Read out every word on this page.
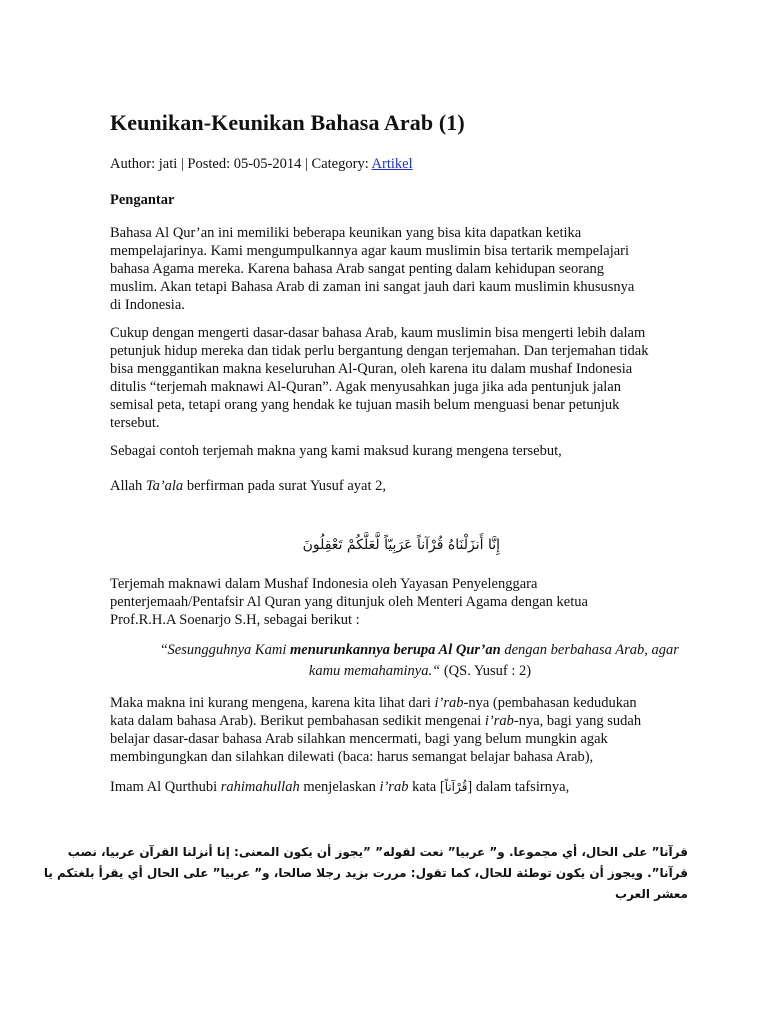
Keunikan-Keunikan Bahasa Arab (1)
Author: jati | Posted: 05-05-2014 | Category: Artikel
Pengantar
Bahasa Al Qur’an ini memiliki beberapa keunikan yang bisa kita dapatkan ketika
mempelajarinya. Kami mengumpulkannya agar kaum muslimin bisa tertarik mempelajari
bahasa Agama mereka. Karena bahasa Arab sangat penting dalam kehidupan seorang
muslim. Akan tetapi Bahasa Arab di zaman ini sangat jauh dari kaum muslimin khususnya
di Indonesia.
Cukup dengan mengerti dasar-dasar bahasa Arab, kaum muslimin bisa mengerti lebih dalam
petunjuk hidup mereka dan tidak perlu bergantung dengan terjemahan. Dan terjemahan tidak
bisa menggantikan makna keseluruhan Al-Quran, oleh karena itu dalam mushaf Indonesia
ditulis “terjemah maknawi Al-Quran”. Agak menyusahkan juga jika ada pentunjuk jalan
semisal peta, tetapi orang yang hendak ke tujuan masih belum menguasi benar petunjuk
tersebut.
Sebagai contoh terjemah makna yang kami maksud kurang mengena tersebut,
Allah Ta’ala berfirman pada surat Yusuf ayat 2,
إِنَّا أَنزَلْنَاهُ قُرْآناً عَرَبِيّاً لَّعَلَّكُمْ تَعْقِلُونَ
Terjemah maknawi dalam Mushaf Indonesia oleh Yayasan Penyelenggara
penterjemaah/Pentafsir Al Quran yang ditunjuk oleh Menteri Agama dengan ketua
Prof.R.H.A Soenarjo S.H, sebagai berikut :
“Sesungguhnya Kami menurunkannya berupa Al Qur’an dengan berbahasa Arab, agar
kamu memahaminya.“ (QS. Yusuf : 2)
Maka makna ini kurang mengena, karena kita lihat dari i’rab-nya (pembahasan kedudukan
kata dalam bahasa Arab). Berikut pembahasan sedikit mengenai i’rab-nya, bagi yang sudah
belajar dasar-dasar bahasa Arab silahkan mencermati, bagi yang belum mungkin agak
membingungkan dan silahkan dilewati (baca: harus semangat belajar bahasa Arab),
Imam Al Qurthubi rahimahullah menjelaskan i’rab kata [قُرْآناً] dalam tafsirnya,
قرآنا” على الحال، أي مجموعا. و” عربيا” نعت لقوله” ”يجوز أن يكون المعنى: إنا أنزلنا القرآن عربيا، نصب
قرآنا”. ويجوز أن يكون توطئة للحال، كما تقول: مررت بزيد رجلا صالحا، و” عربيا” على الحال أي يقرأ بلغتكم يا
معشر العرب
